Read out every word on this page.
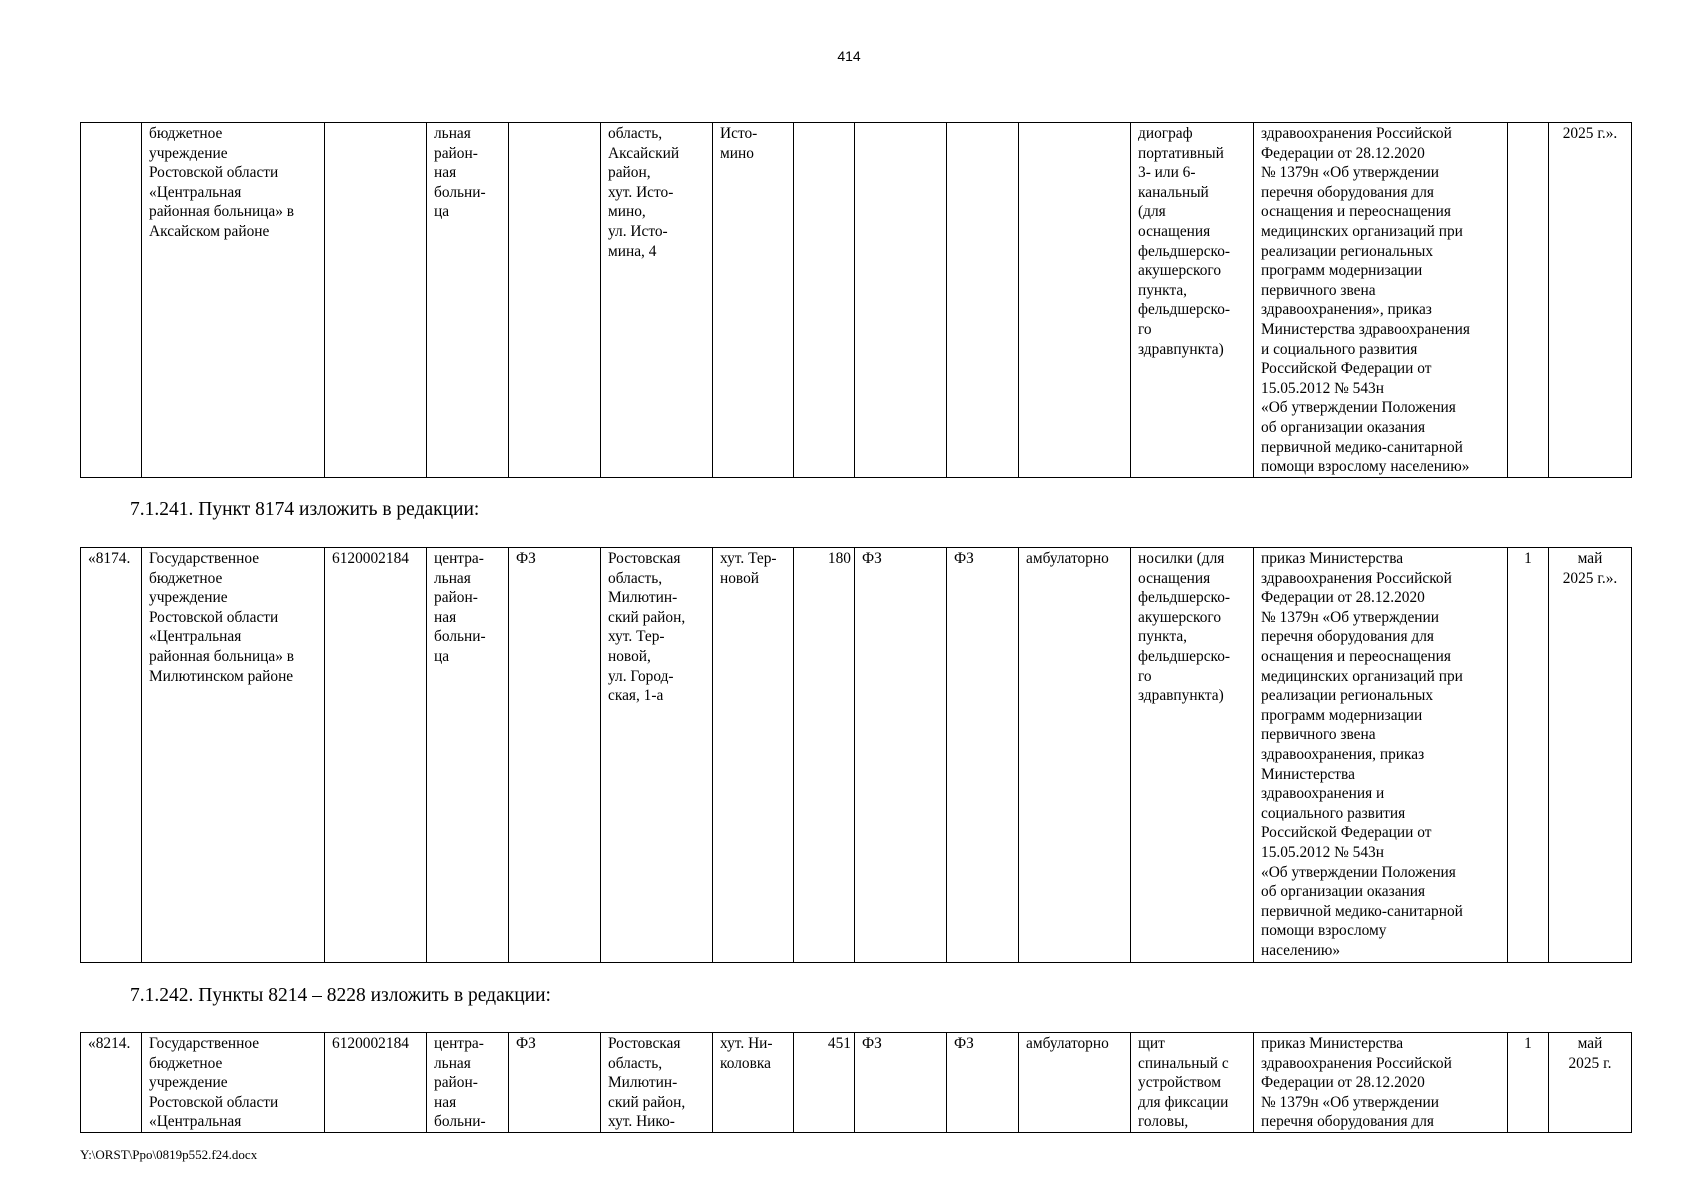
414
	бюджетное
учреждение
Ростовской области
«Центральная
районная больница» в
Аксайском районе		льная
район-
ная
больни-
ца		область,
Аксайский
район,
хут. Исто-
мино,
ул. Исто-
мина, 4	Исто-
мино					диограф
портативный
3- или 6-
канальный
(для
оснащения
фельдшерско-
акушерского
пункта,
фельдшерско-
го
здравпункта)	здравоохранения Российской
Федерации от 28.12.2020
№ 1379н «Об утверждении
перечня оборудования для
оснащения и переоснащения
медицинских организаций при
реализации региональных
программ модернизации
первичного звена
здравоохранения», приказ
Министерства здравоохранения
и социального развития
Российской Федерации от
15.05.2012 № 543н
«Об утверждении Положения
об организации оказания
первичной медико-санитарной
помощи взрослому населению»		2025 г.».
7.1.241. Пункт 8174 изложить в редакции:
«8174.	Государственное
бюджетное
учреждение
Ростовской области
«Центральная
районная больница» в
Милютинском районе	6120002184	центра-
льная
район-
ная
больни-
ца	ФЗ	Ростовская
область,
Милютин-
ский район,
хут. Тер-
новой,
ул. Город-
ская, 1-а	хут. Тер-
новой	180	ФЗ	ФЗ	амбулаторно	носилки (для
оснащения
фельдшерско-
акушерского
пункта,
фельдшерско-
го
здравпункта)	приказ Министерства
здравоохранения Российской
Федерации от 28.12.2020
№ 1379н «Об утверждении
перечня оборудования для
оснащения и переоснащения
медицинских организаций при
реализации региональных
программ модернизации
первичного звена
здравоохранения, приказ
Министерства
здравоохранения и
социального развития
Российской Федерации от
15.05.2012 № 543н
«Об утверждении Положения
об организации оказания
первичной медико-санитарной
помощи взрослому
населению»	1	май
2025 г.».
7.1.242. Пункты 8214 – 8228 изложить в редакции:
«8214.	Государственное
бюджетное
учреждение
Ростовской области
«Центральная	6120002184	центра-
льная
район-
ная
больни-	ФЗ	Ростовская
область,
Милютин-
ский район,
хут. Нико-	хут. Ни-
коловка	451	ФЗ	ФЗ	амбулаторно	щит
спинальный с
устройством
для фиксации
головы,	приказ Министерства
здравоохранения Российской
Федерации от 28.12.2020
№ 1379н «Об утверждении
перечня оборудования для	1	май
2025 г.
Y:\ORST\Ppo\0819p552.f24.docx
